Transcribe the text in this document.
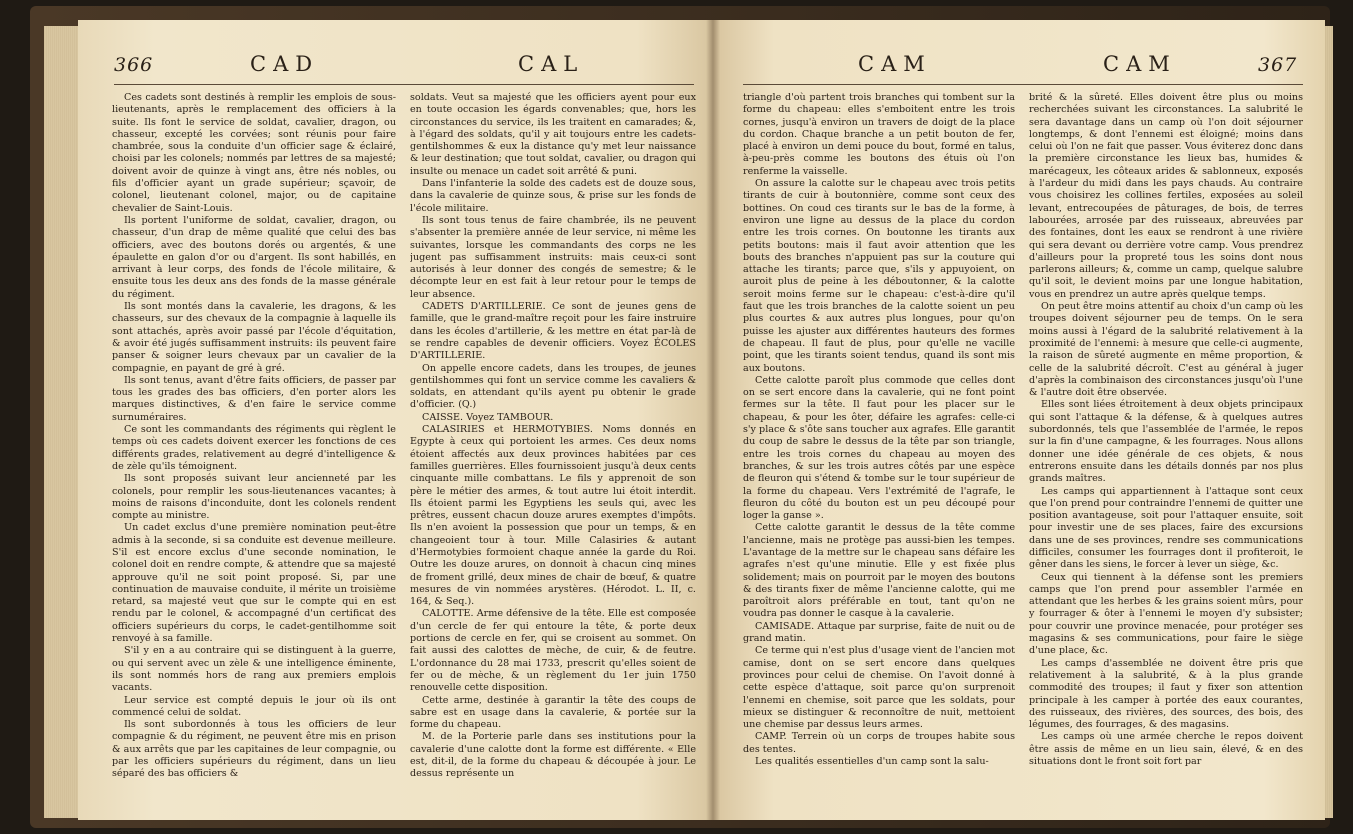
366	CAD	CAL

Ces cadets sont destinés à remplir les emplois de sous-lieutenants, après le remplacement des officiers à la suite. Ils font le service de soldat, cavalier, dragon, ou chasseur, excepté les corvées; sont réunis pour faire chambrée, sous la conduite d'un officier sage & éclairé, choisi par les colonels; nommés par lettres de sa majesté; doivent avoir de quinze à vingt ans, être nés nobles, ou fils d'officier ayant un grade supérieur; sçavoir, de colonel, lieutenant colonel, major, ou de capitaine chevalier de Saint-Louis.

Ils portent l'uniforme de soldat, cavalier, dragon, ou chasseur, d'un drap de même qualité que celui des bas officiers, avec des boutons dorés ou argentés, & une épaulette en galon d'or ou d'argent. Ils sont habillés, en arrivant à leur corps, des fonds de l'école militaire, & ensuite tous les deux ans des fonds de la masse générale du régiment.

Ils sont montés dans la cavalerie, les dragons, & les chasseurs, sur des chevaux de la compagnie à laquelle ils sont attachés, après avoir passé par l'école d'équitation, & avoir été jugés suffisamment instruits: ils peuvent faire panser & soigner leurs chevaux par un cavalier de la compagnie, en payant de gré à gré.

Ils sont tenus, avant d'être faits officiers, de passer par tous les grades des bas officiers, d'en porter alors les marques distinctives, & d'en faire le service comme surnuméraires.

Ce sont les commandants des régiments qui règlent le temps où ces cadets doivent exercer les fonctions de ces différents grades, relativement au degré d'intelligence & de zèle qu'ils témoignent.

Ils sont proposés suivant leur ancienneté par les colonels, pour remplir les sous-lieutenances vacantes; à moins de raisons d'inconduite, dont les colonels rendent compte au ministre.

Un cadet exclus d'une première nomination peut-être admis à la seconde, si sa conduite est devenue meilleure. S'il est encore exclus d'une seconde nomination, le colonel doit en rendre compte, & attendre que sa majesté approuve qu'il ne soit point proposé. Si, par une continuation de mauvaise conduite, il mérite un troisième retard, sa majesté veut que sur le compte qui en est rendu par le colonel, & accompagné d'un certificat des officiers supérieurs du corps, le cadet-gentilhomme soit renvoyé à sa famille.

S'il y en a au contraire qui se distinguent à la guerre, ou qui servent avec un zèle & une intelligence éminente, ils sont nommés hors de rang aux premiers emplois vacants.

Leur service est compté depuis le jour où ils ont commencé celui de soldat.

Ils sont subordonnés à tous les officiers de leur compagnie & du régiment, ne peuvent être mis en prison & aux arrêts que par les capitaines de leur compagnie, ou par les officiers supérieurs du régiment, dans un lieu séparé des bas officiers &

soldats. Veut sa majesté que les officiers ayent pour eux en toute occasion les égards convenables; que, hors les circonstances du service, ils les traitent en camarades; &, à l'égard des soldats, qu'il y ait toujours entre les cadets-gentilshommes & eux la distance qu'y met leur naissance & leur destination; que tout soldat, cavalier, ou dragon qui insulte ou menace un cadet soit arrêté & puni.

Dans l'infanterie la solde des cadets est de douze sous, dans la cavalerie de quinze sous, & prise sur les fonds de l'école militaire.

Ils sont tous tenus de faire chambrée, ils ne peuvent s'absenter la première année de leur service, ni même les suivantes, lorsque les commandants des corps ne les jugent pas suffisamment instruits: mais ceux-ci sont autorisés à leur donner des congés de semestre; & le décompte leur en est fait à leur retour pour le temps de leur absence.

CADETS D'ARTILLERIE. Ce sont de jeunes gens de famille, que le grand-maître reçoit pour les faire instruire dans les écoles d'artillerie, & les mettre en état par-là de se rendre capables de devenir officiers. Voyez ÉCOLES D'ARTILLERIE.

On appelle encore cadets, dans les troupes, de jeunes gentilshommes qui font un service comme les cavaliers & soldats, en attendant qu'ils ayent pu obtenir le grade d'officier. (Q.)

CAISSE. Voyez TAMBOUR.

CALASIRIES et HERMOTYBIES. Noms donnés en Egypte à ceux qui portoient les armes. Ces deux noms étoient affectés aux deux provinces habitées par ces familles guerrières. Elles fournissoient jusqu'à deux cents cinquante mille combattans. Le fils y apprenoit de son père le métier des armes, & tout autre lui étoit interdit. Ils étoient parmi les Egyptiens les seuls qui, avec les prêtres, eussent chacun douze arures exemptes d'impôts. Ils n'en avoient la possession que pour un temps, & en changeoient tour à tour. Mille Calasiries & autant d'Hermotybies formoient chaque année la garde du Roi. Outre les douze arures, on donnoit à chacun cinq mines de froment grillé, deux mines de chair de bœuf, & quatre mesures de vin nommées arystères. (Hérodot. L. II, c. 164, & Seq.).

CALOTTE. Arme défensive de la tête. Elle est composée d'un cercle de fer qui entoure la tête, & porte deux portions de cercle en fer, qui se croisent au sommet. On fait aussi des calottes de mèche, de cuir, & de feutre. L'ordonnance du 28 mai 1733, prescrit qu'elles soient de fer ou de mèche, & un règlement du 1er juin 1750 renouvelle cette disposition.

Cette arme, destinée à garantir la tête des coups de sabre est en usage dans la cavalerie, & portée sur la forme du chapeau.

M. de la Porterie parle dans ses institutions pour la cavalerie d'une calotte dont la forme est différente. « Elle est, dit-il, de la forme du chapeau & découpée à jour. Le dessus représente un

CAM	CAM	367

triangle d'où partent trois branches qui tombent sur la forme du chapeau: elles s'emboitent entre les trois cornes, jusqu'à environ un travers de doigt de la place du cordon. Chaque branche a un petit bouton de fer, placé à environ un demi pouce du bout, formé en talus, à-peu-près comme les boutons des étuis où l'on renferme la vaisselle.

On assure la calotte sur le chapeau avec trois petits tirants de cuir à boutonnière, comme sont ceux des bottines. On coud ces tirants sur le bas de la forme, à environ une ligne au dessus de la place du cordon entre les trois cornes. On boutonne les tirants aux petits boutons: mais il faut avoir attention que les bouts des branches n'appuient pas sur la couture qui attache les tirants; parce que, s'ils y appuyoient, on auroit plus de peine à les déboutonner, & la calotte seroit moins ferme sur le chapeau: c'est-à-dire qu'il faut que les trois branches de la calotte soient un peu plus courtes & aux autres plus longues, pour qu'on puisse les ajuster aux différentes hauteurs des formes de chapeau. Il faut de plus, pour qu'elle ne vacille point, que les tirants soient tendus, quand ils sont mis aux boutons.

Cette calotte paroît plus commode que celles dont on se sert encore dans la cavalerie, qui ne font point fermes sur la tête. Il faut pour les placer sur le chapeau, & pour les ôter, défaire les agrafes: celle-ci s'y place & s'ôte sans toucher aux agrafes. Elle garantit du coup de sabre le dessus de la tête par son triangle, entre les trois cornes du chapeau au moyen des branches, & sur les trois autres côtés par une espèce de fleuron qui s'étend & tombe sur le tour supérieur de la forme du chapeau. Vers l'extrémité de l'agrafe, le fleuron du côté du bouton est un peu découpé pour loger la ganse ».

Cette calotte garantit le dessus de la tête comme l'ancienne, mais ne protège pas aussi-bien les tempes. L'avantage de la mettre sur le chapeau sans défaire les agrafes n'est qu'une minutie. Elle y est fixée plus solidement; mais on pourroit par le moyen des boutons & des tirants fixer de même l'ancienne calotte, qui me paroîtroit alors préférable en tout, tant qu'on ne voudra pas donner le casque à la cavalerie.

CAMISADE. Attaque par surprise, faite de nuit ou de grand matin.

Ce terme qui n'est plus d'usage vient de l'ancien mot camise, dont on se sert encore dans quelques provinces pour celui de chemise. On l'avoit donné à cette espèce d'attaque, soit parce qu'on surprenoit l'ennemi en chemise, soit parce que les soldats, pour mieux se distinguer & reconnoître de nuit, mettoient une chemise par dessus leurs armes.

CAMP. Terrein où un corps de troupes habite sous des tentes.

Les qualités essentielles d'un camp sont la salu-

brité & la sûreté. Elles doivent être plus ou moins recherchées suivant les circonstances. La salubrité le sera davantage dans un camp où l'on doit séjourner longtemps, & dont l'ennemi est éloigné; moins dans celui où l'on ne fait que passer. Vous éviterez donc dans la première circonstance les lieux bas, humides & marécageux, les côteaux arides & sablonneux, exposés à l'ardeur du midi dans les pays chauds. Au contraire vous choisirez les collines fertiles, exposées au soleil levant, entrecoupées de pâturages, de bois, de terres labourées, arrosée par des ruisseaux, abreuvées par des fontaines, dont les eaux se rendront à une rivière qui sera devant ou derrière votre camp. Vous prendrez d'ailleurs pour la propreté tous les soins dont nous parlerons ailleurs; &, comme un camp, quelque salubre qu'il soit, le devient moins par une longue habitation, vous en prendrez un autre après quelque temps.

On peut être moins attentif au choix d'un camp où les troupes doivent séjourner peu de temps. On le sera moins aussi à l'égard de la salubrité relativement à la proximité de l'ennemi: à mesure que celle-ci augmente, la raison de sûreté augmente en même proportion, & celle de la salubrité décroît. C'est au général à juger d'après la combinaison des circonstances jusqu'où l'une & l'autre doit être observée.

Elles sont liées étroitement à deux objets principaux qui sont l'attaque & la défense, & à quelques autres subordonnés, tels que l'assemblée de l'armée, le repos sur la fin d'une campagne, & les fourrages. Nous allons donner une idée générale de ces objets, & nous entrerons ensuite dans les détails donnés par nos plus grands maîtres.

Les camps qui appartiennent à l'attaque sont ceux que l'on prend pour contraindre l'ennemi de quitter une position avantageuse, soit pour l'attaquer ensuite, soit pour investir une de ses places, faire des excursions dans une de ses provinces, rendre ses communications difficiles, consumer les fourrages dont il profiteroit, le gêner dans les siens, le forcer à lever un siège, &c.

Ceux qui tiennent à la défense sont les premiers camps que l'on prend pour assembler l'armée en attendant que les herbes & les grains soient mûrs, pour y fourrager & ôter à l'ennemi le moyen d'y subsister; pour couvrir une province menacée, pour protéger ses magasins & ses communications, pour faire le siège d'une place, &c.

Les camps d'assemblée ne doivent être pris que relativement à la salubrité, & à la plus grande commodité des troupes; il faut y fixer son attention principale à les camper à portée des eaux courantes, des ruisseaux, des rivières, des sources, des bois, des légumes, des fourrages, & des magasins.

Les camps où une armée cherche le repos doivent être assis de même en un lieu sain, élevé, & en des situations dont le front soit fort par
